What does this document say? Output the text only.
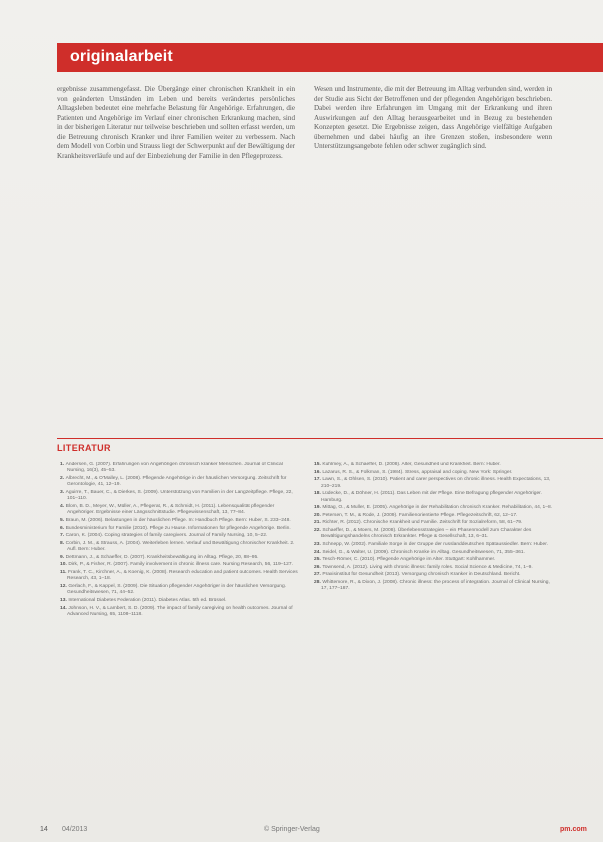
originalarbeit

ergebnisse zusammengefasst. Die Übergänge einer chronischen Krankheit in ein von geänderten Umständen im Leben und bereits verändertes persönliches Alltagsleben bedeutet eine mehrfache Belastung für Angehörige. Erfahrungen, die Patienten und Angehörige im Verlauf einer chronischen Erkrankung machen, sind in der bisherigen Literatur nur teilweise beschrieben und sollten erfasst werden, um die Betreuung chronisch Kranker und ihrer Familien weiter zu verbessern. Nach dem Modell von Corbin und Strauss liegt der Schwerpunkt auf der Bewältigung der Krankheitsverläufe und auf der Einbeziehung der Familie in den Pflegeprozess.

Wesen und Instrumente, die mit der Betreuung im Alltag verbunden sind, werden in der Studie aus Sicht der Betroffenen und der pflegenden Angehörigen beschrieben. Dabei werden ihre Erfahrungen im Umgang mit der Erkrankung und ihren Auswirkungen auf den Alltag herausgearbeitet und in Bezug zu bestehenden Konzepten gesetzt. Die Ergebnisse zeigen, dass Angehörige vielfältige Aufgaben übernehmen und dabei häufig an ihre Grenzen stoßen, insbesondere wenn Unterstützungsangebote fehlen oder schwer zugänglich sind.

LITERATUR
1. Andersen, G. (2007). Erfahrungen von Angehörigen chronisch kranker Menschen. Journal of Clinical Nursing, 16(3), 45–53.
2. Albrecht, M., & O'Malley, L. (2008). Pflegende Angehörige in der häuslichen Versorgung. Zeitschrift für Gerontologie, 41, 12–19.
3. Aguirre, T., Bauer, C., & Dierkes, S. (2009). Unterstützung von Familien in der Langzeitpflege. Pflege, 22, 101–110.
4. Blom, B. D., Meyer, W., Müller, A., Pflegerat, R., & Schmidt, H. (2011). Lebensqualität pflegender Angehöriger. Ergebnisse einer Längsschnittstudie. Pflegewissenschaft, 13, 77–84.
5. Braun, M. (2006). Belastungen in der häuslichen Pflege. In: Handbuch Pflege. Bern: Huber, S. 233–248.
6. Bundesministerium für Familie (2010). Pflege zu Hause. Informationen für pflegende Angehörige. Berlin.
7. Caron, K. (2004). Coping strategies of family caregivers. Journal of Family Nursing, 10, 5–22.
8. Corbin, J. M., & Strauss, A. (2004). Weiterleben lernen. Verlauf und Bewältigung chronischer Krankheit. 2. Aufl. Bern: Huber.
9. Dettmann, J., & Schaeffer, D. (2007). Krankheitsbewältigung im Alltag. Pflege, 20, 88–95.
10. Dirk, P., & Fisher, R. (2007). Family involvement in chronic illness care. Nursing Research, 56, 119–127.
11. Frank, T. C., Kirchner, A., & Koenig, K. (2008). Research education and patient outcomes. Health Services Research, 43, 1–18.
12. Gerlach, F., & Kappel, S. (2009). Die Situation pflegender Angehöriger in der häuslichen Versorgung. Gesundheitswesen, 71, 44–52.
13. International Diabetes Federation (2011). Diabetes Atlas. 5th ed. Brüssel.
14. Johnson, H. V., & Lambert, S. D. (2009). The impact of family caregiving on health outcomes. Journal of Advanced Nursing, 65, 1108–1118.
15. Kuhlmey, A., & Schaeffer, D. (2008). Alter, Gesundheit und Krankheit. Bern: Huber.
16. Lazarus, R. S., & Folkman, S. (1984). Stress, appraisal and coping. New York: Springer.
17. Lawn, S., & Ohlsen, S. (2010). Patient and carer perspectives on chronic illness. Health Expectations, 13, 210–219.
18. Lüdecke, D., & Döhner, H. (2011). Das Leben mit der Pflege. Eine Befragung pflegender Angehöriger. Hamburg.
19. Mittag, O., & Muller, E. (2005). Angehörige in der Rehabilitation chronisch Kranker. Rehabilitation, 44, 1–8.
20. Petersen, T. M., & Rode, J. (2009). Familienorientierte Pflege. Pflegezeitschrift, 62, 12–17.
21. Richter, R. (2012). Chronische Krankheit und Familie. Zeitschrift für Sozialreform, 58, 61–79.
22. Schaeffer, D., & Moers, M. (2008). Überlebensstrategien – ein Phasenmodell zum Charakter des Bewältigungshandelns chronisch Erkrankter. Pflege & Gesellschaft, 13, 6–31.
23. Schnepp, W. (2002). Familiale Sorge in der Gruppe der russlanddeutschen Spätaussiedler. Bern: Huber.
24. Seidel, G., & Walter, U. (2009). Chronisch Kranke im Alltag. Gesundheitswesen, 71, 355–361.
25. Tesch-Römer, C. (2010). Pflegende Angehörige im Alter. Stuttgart: Kohlhammer.
26. Townsend, A. (2012). Living with chronic illness: family roles. Social Science & Medicine, 74, 1–9.
27. Praxisinstitut für Gesundheit (2013). Versorgung chronisch Kranker in Deutschland. Bericht.
28. Whittemore, R., & Dixon, J. (2008). Chronic illness: the process of integration. Journal of Clinical Nursing, 17, 177–187.
14 04/2013	© Springer-Verlag	pm.com
